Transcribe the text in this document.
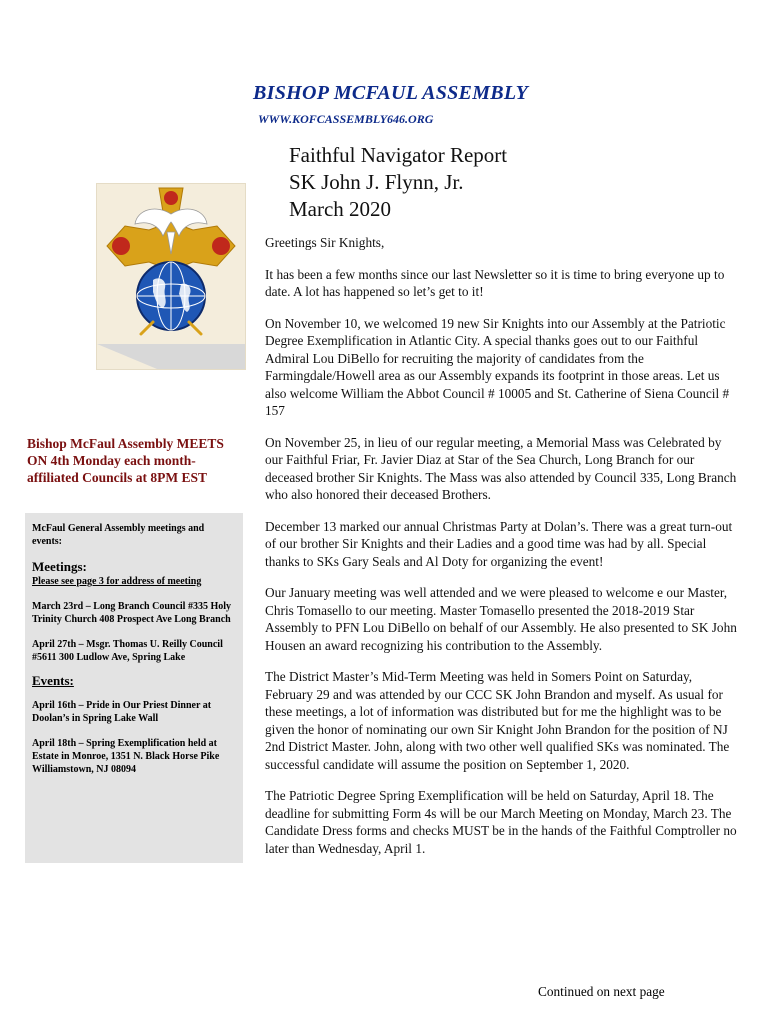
BISHOP MCFAUL ASSEMBLY

WWW.KOFCASSEMBLY646.ORG
Faithful Navigator Report
SK John J. Flynn, Jr.
March 2020
Bishop McFaul Assembly MEETS ON 4th Monday each month- affiliated Councils at 8PM EST
McFaul General Assembly meetings and events:
Meetings:
Please see page 3 for address of meeting
March 23rd – Long Branch Council #335 Holy Trinity Church 408 Prospect Ave Long Branch
April 27th – Msgr. Thomas U. Reilly Council #5611 300 Ludlow Ave, Spring Lake
Events:
April 16th – Pride in Our Priest Dinner at Doolan’s in Spring Lake Wall
April 18th – Spring Exemplification held at Estate in Monroe, 1351 N. Black Horse Pike Williamstown, NJ 08094

Greetings Sir Knights,

It has been a few months since our last Newsletter so it is time to bring everyone up to date. A lot has happened so let’s get to it!

On November 10, we welcomed 19 new Sir Knights into our Assembly at the Patriotic Degree Exemplification in Atlantic City. A special thanks goes out to our Faithful Admiral Lou DiBello for recruiting the majority of candidates from the Farmingdale/Howell area as our Assembly expands its footprint in those areas. Let us also welcome William the Abbot Council # 10005 and St. Catherine of Siena Council # 157

On November 25, in lieu of our regular meeting, a Memorial Mass was Celebrated by our Faithful Friar, Fr. Javier Diaz at Star of the Sea Church, Long Branch for our deceased brother Sir Knights. The Mass was also attended by Council 335, Long Branch who also honored their deceased Brothers.

December 13 marked our annual Christmas Party at Dolan’s. There was a great turn-out of our brother Sir Knights and their Ladies and a good time was had by all. Special thanks to SKs Gary Seals and Al Doty for organizing the event!

Our January meeting was well attended and we were pleased to welcome e our Master, Chris Tomasello to our meeting. Master Tomasello presented the 2018-2019 Star Assembly to PFN Lou DiBello on behalf of our Assembly. He also presented to SK John Housen an award recognizing his contribution to the Assembly.

The District Master’s Mid-Term Meeting was held in Somers Point on Saturday, February 29 and was attended by our CCC SK John Brandon and myself. As usual for these meetings, a lot of information was distributed but for me the highlight was to be given the honor of nominating our own Sir Knight John Brandon for the position of NJ 2nd District Master. John, along with two other well qualified SKs was nominated. The successful candidate will assume the position on September 1, 2020.

The Patriotic Degree Spring Exemplification will be held on Saturday, April 18. The deadline for submitting Form 4s will be our March Meeting on Monday, March 23. The Candidate Dress forms and checks MUST be in the hands of the Faithful Comptroller no later than Wednesday, April 1.

Continued on next page
